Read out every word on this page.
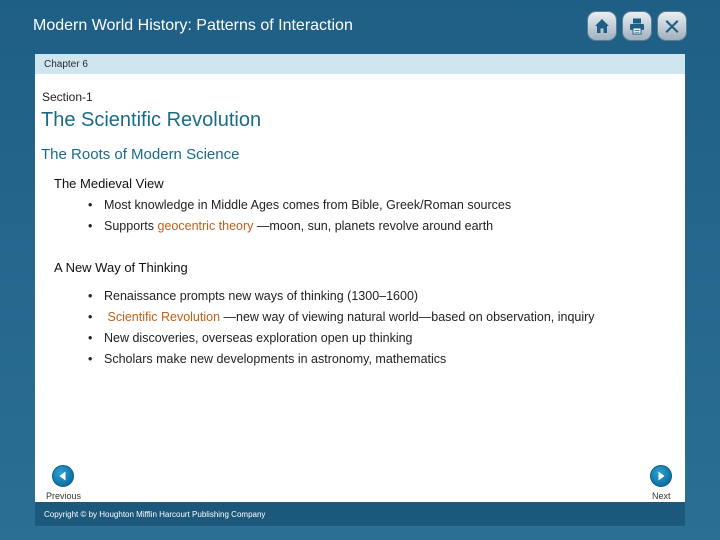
Modern World History: Patterns of Interaction
Chapter 6
Section-1
The Scientific Revolution
The Roots of Modern Science
The Medieval View
• Most knowledge in Middle Ages comes from Bible, Greek/Roman sources
• Supports geocentric theory —moon, sun, planets revolve around earth
A New Way of Thinking
• Renaissance prompts new ways of thinking (1300–1600)
• Scientific Revolution —new way of viewing natural world—based on observation, inquiry
• New discoveries, overseas exploration open up thinking
• Scholars make new developments in astronomy, mathematics
Previous	Next
Copyright © by Houghton Mifflin Harcourt Publishing Company
